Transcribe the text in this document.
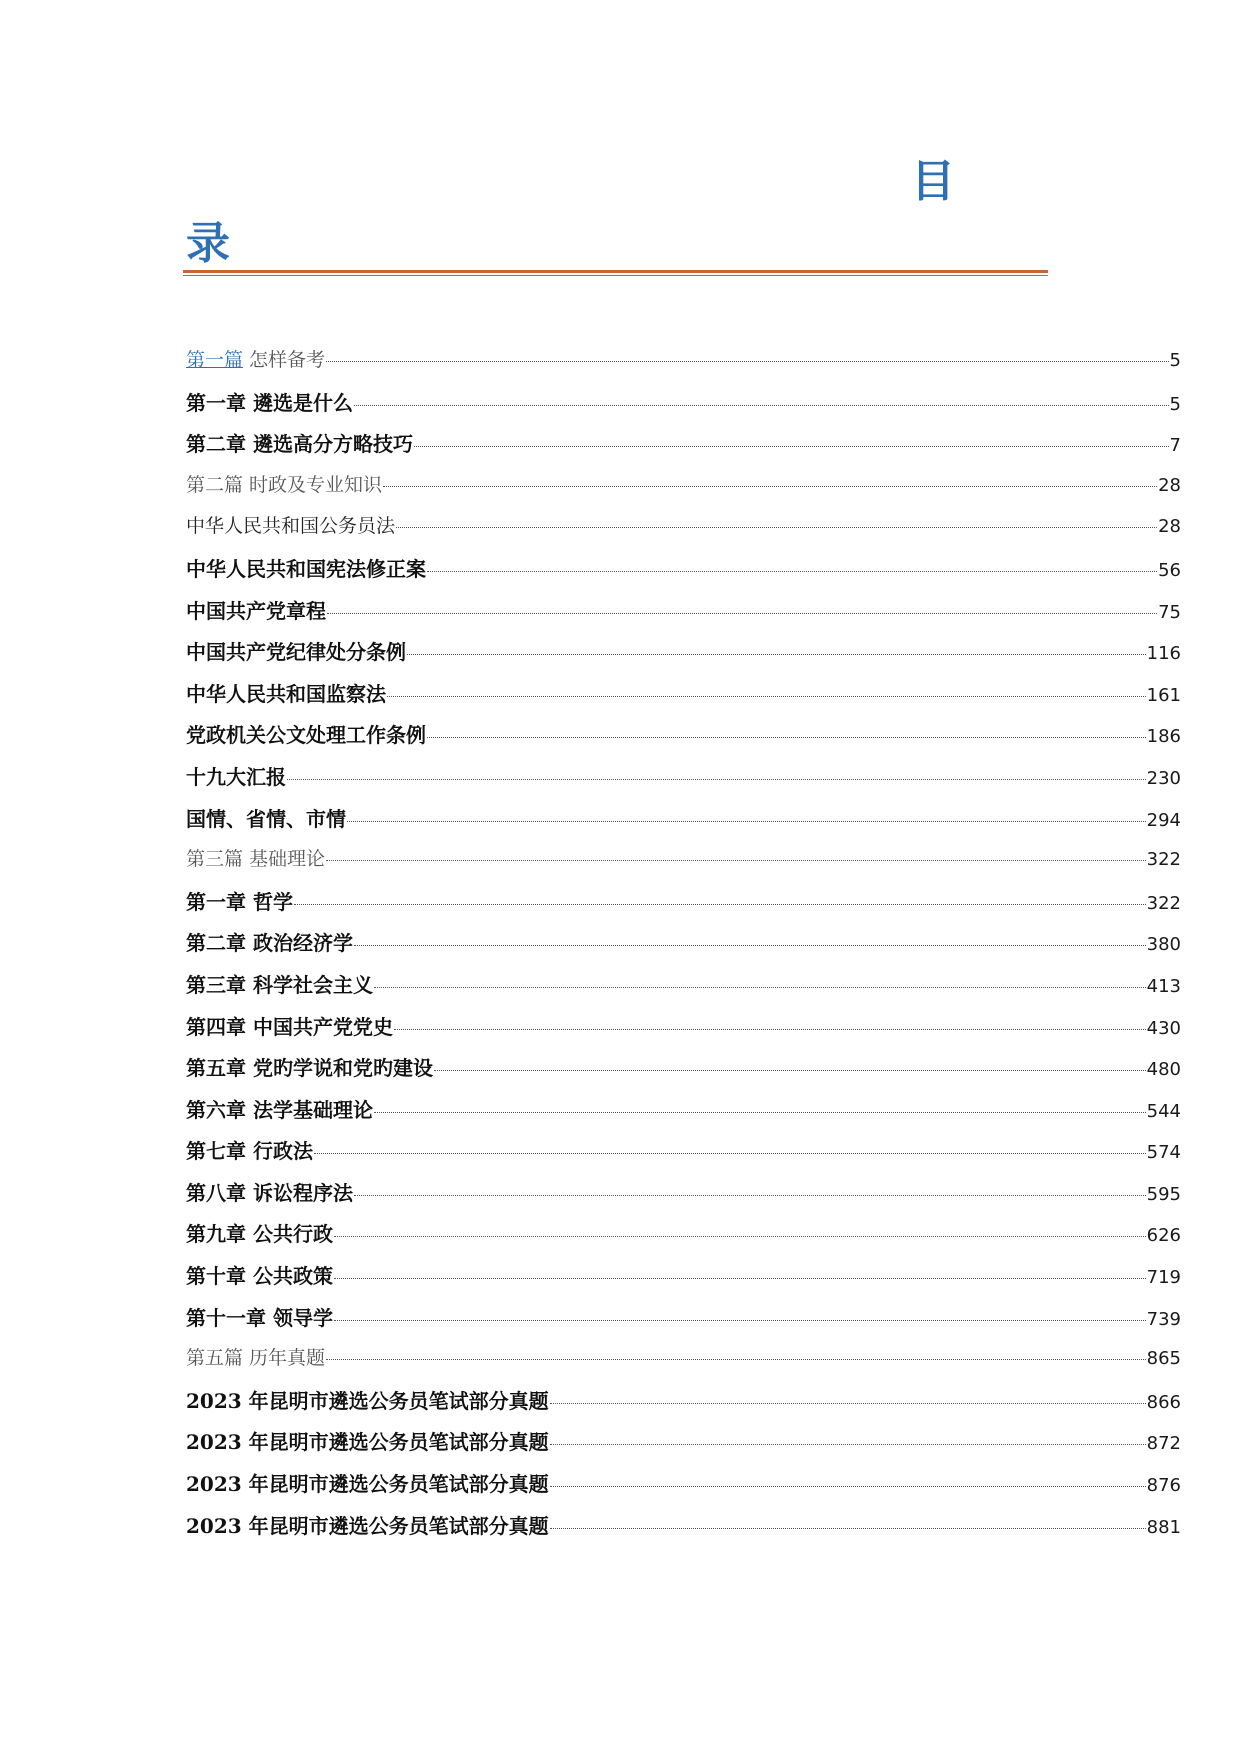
目
录
第一篇 怎样备考	5
第一章 遴选是什么	5
第二章 遴选高分方略技巧	7
第二篇 时政及专业知识	28
中华人民共和国公务员法	28
中华人民共和国宪法修正案	56
中国共产党章程	75
中国共产党纪律处分条例	116
中华人民共和国监察法	161
党政机关公文处理工作条例	186
十九大汇报	230
国情、省情、市情	294
第三篇 基础理论	322
第一章 哲学	322
第二章 政治经济学	380
第三章 科学社会主义	413
第四章 中国共产党党史	430
第五章 党旳学说和党旳建设	480
第六章 法学基础理论	544
第七章 行政法	574
第八章 诉讼程序法	595
第九章 公共行政	626
第十章 公共政策	719
第十一章 领导学	739
第五篇 历年真题	865
2023 年昆明市遴选公务员笔试部分真题	866
2023 年昆明市遴选公务员笔试部分真题	872
2023 年昆明市遴选公务员笔试部分真题	876
2023 年昆明市遴选公务员笔试部分真题	881
